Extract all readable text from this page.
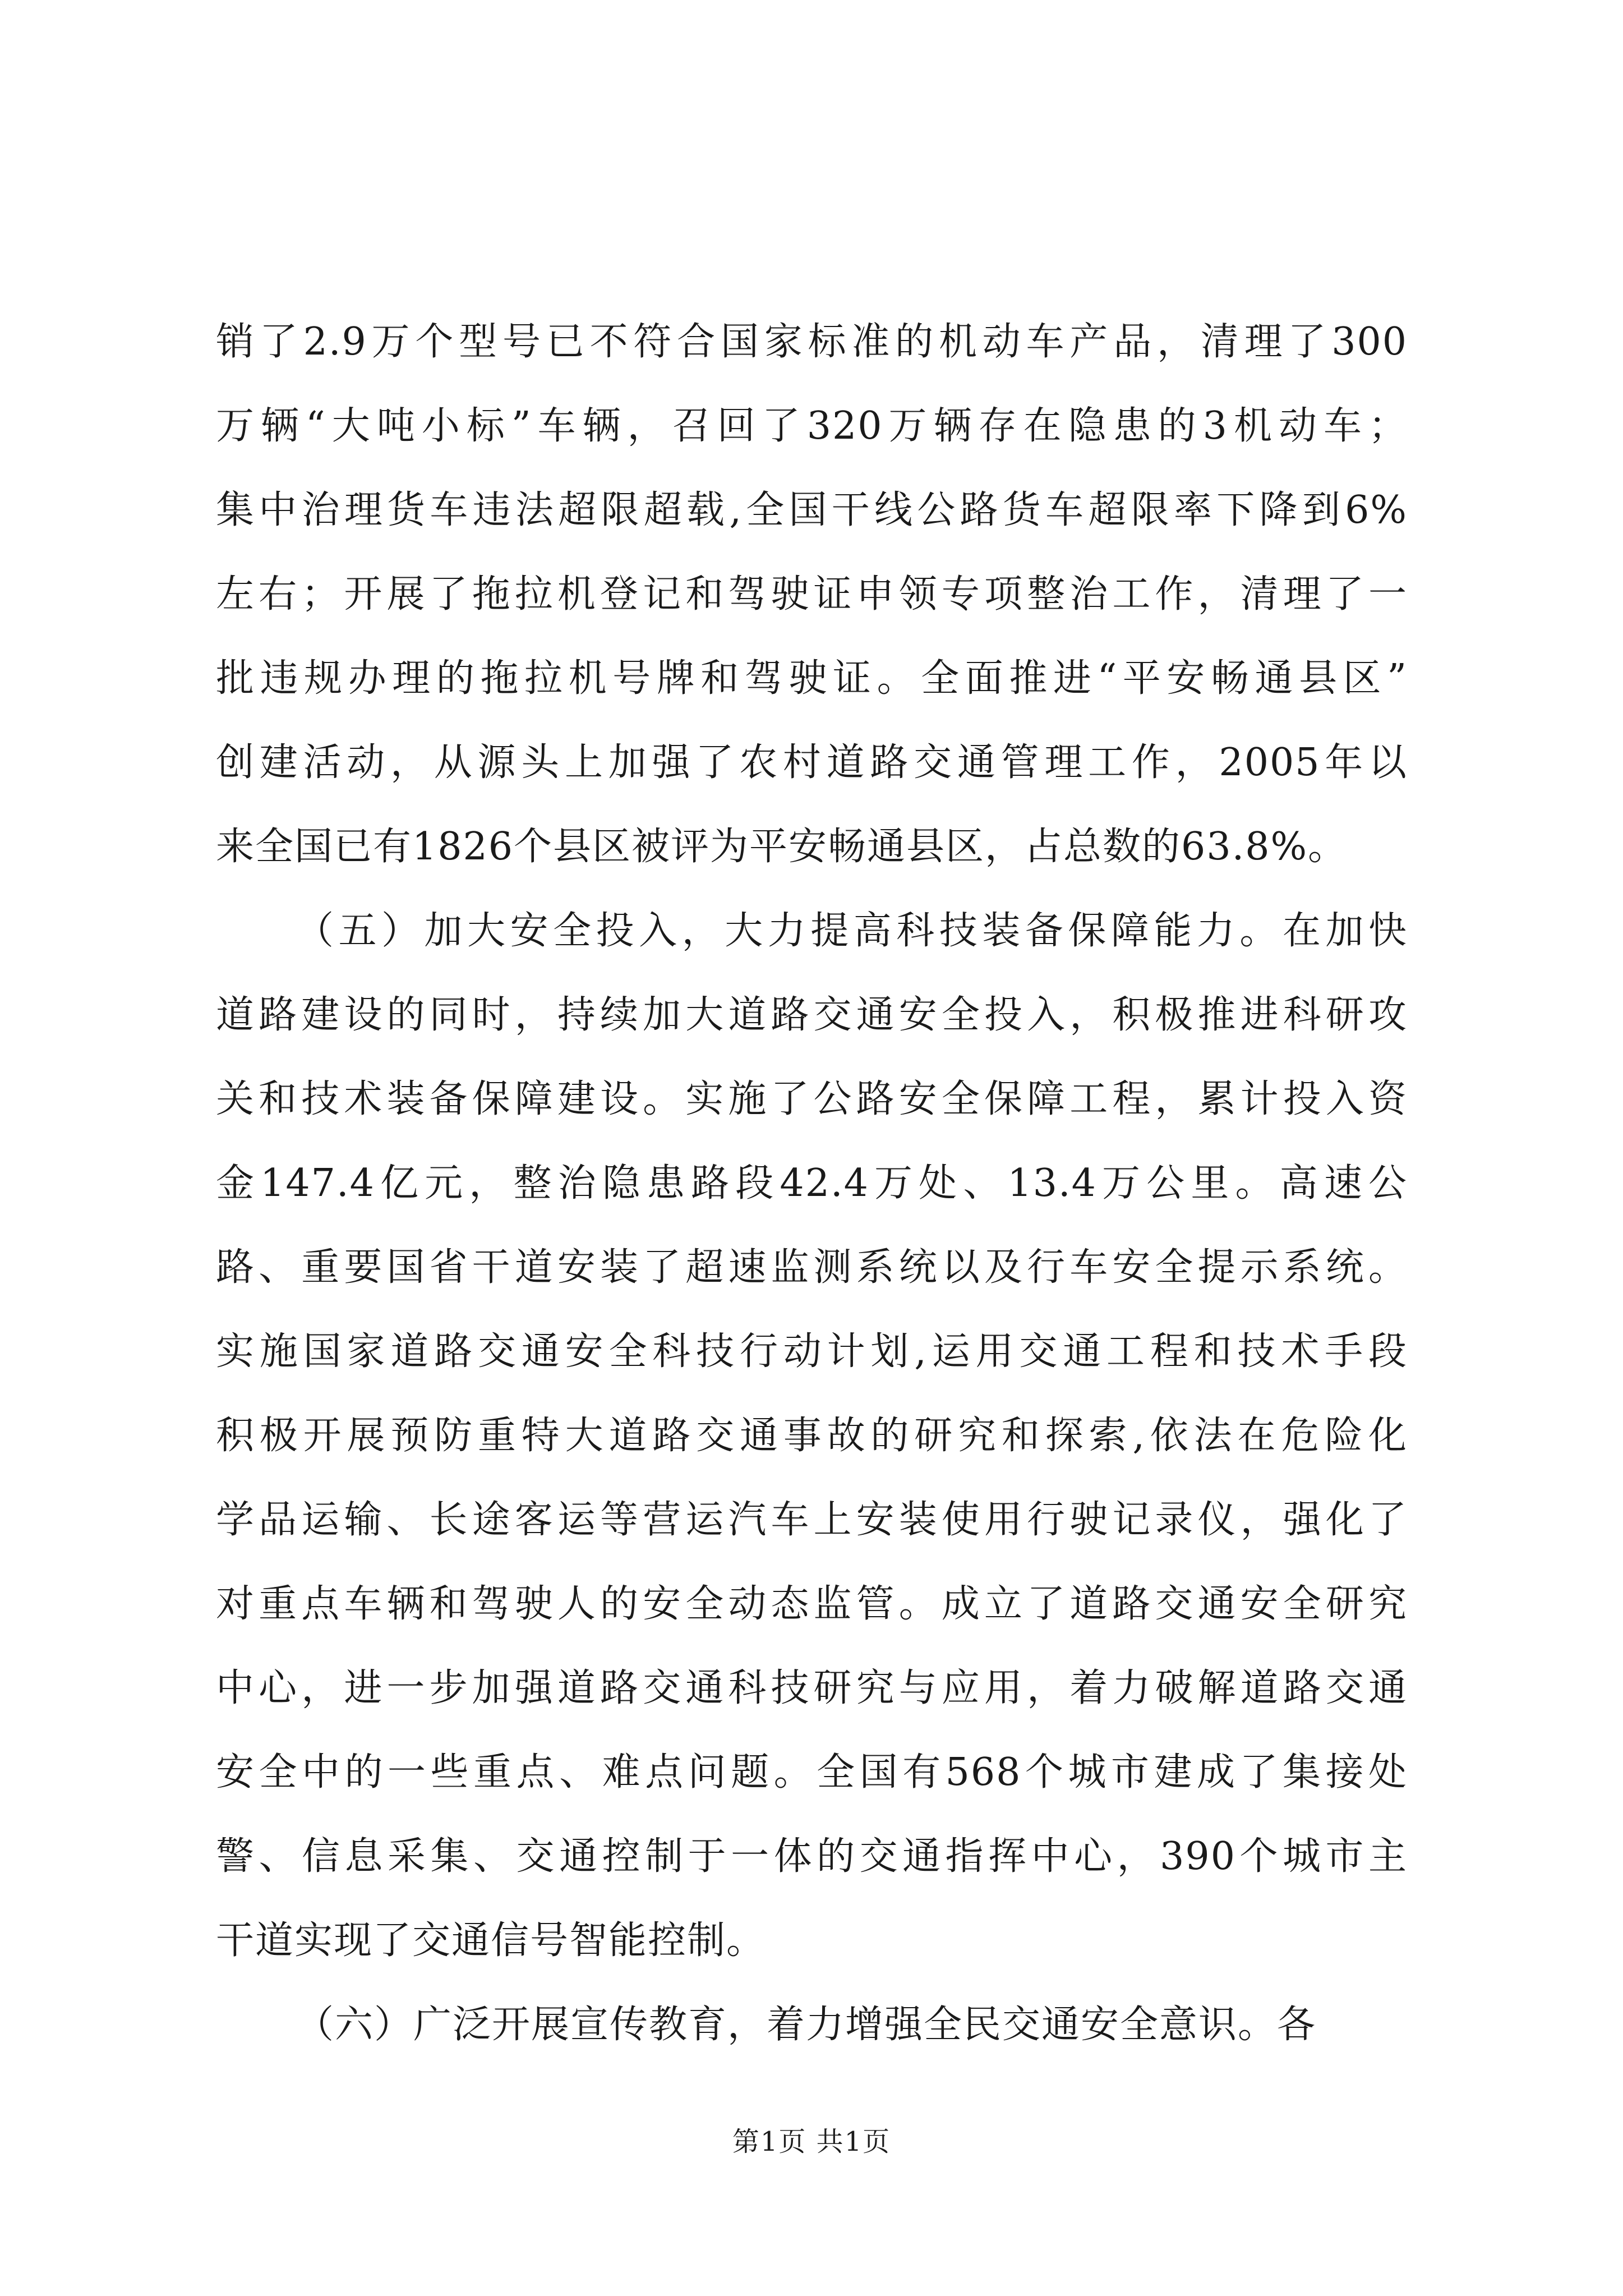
销了2.9万个型号已不符合国家标准的机动车产品，清理了300
万辆“大吨小标”车辆，召回了320万辆存在隐患的3机动车；
集中治理货车违法超限超载,全国干线公路货车超限率下降到6%
左右；开展了拖拉机登记和驾驶证申领专项整治工作，清理了一
批违规办理的拖拉机号牌和驾驶证。全面推进“平安畅通县区”
创建活动，从源头上加强了农村道路交通管理工作，2005年以
来全国已有1826个县区被评为平安畅通县区，占总数的63.8%。
（五）加大安全投入，大力提高科技装备保障能力。在加快
道路建设的同时，持续加大道路交通安全投入，积极推进科研攻
关和技术装备保障建设。实施了公路安全保障工程，累计投入资
金147.4亿元，整治隐患路段42.4万处、13.4万公里。高速公
路、重要国省干道安装了超速监测系统以及行车安全提示系统。
实施国家道路交通安全科技行动计划,运用交通工程和技术手段
积极开展预防重特大道路交通事故的研究和探索,依法在危险化
学品运输、长途客运等营运汽车上安装使用行驶记录仪，强化了
对重点车辆和驾驶人的安全动态监管。成立了道路交通安全研究
中心，进一步加强道路交通科技研究与应用，着力破解道路交通
安全中的一些重点、难点问题。全国有568个城市建成了集接处
警、信息采集、交通控制于一体的交通指挥中心，390个城市主
干道实现了交通信号智能控制。
（六）广泛开展宣传教育，着力增强全民交通安全意识。各
第1页 共1页
